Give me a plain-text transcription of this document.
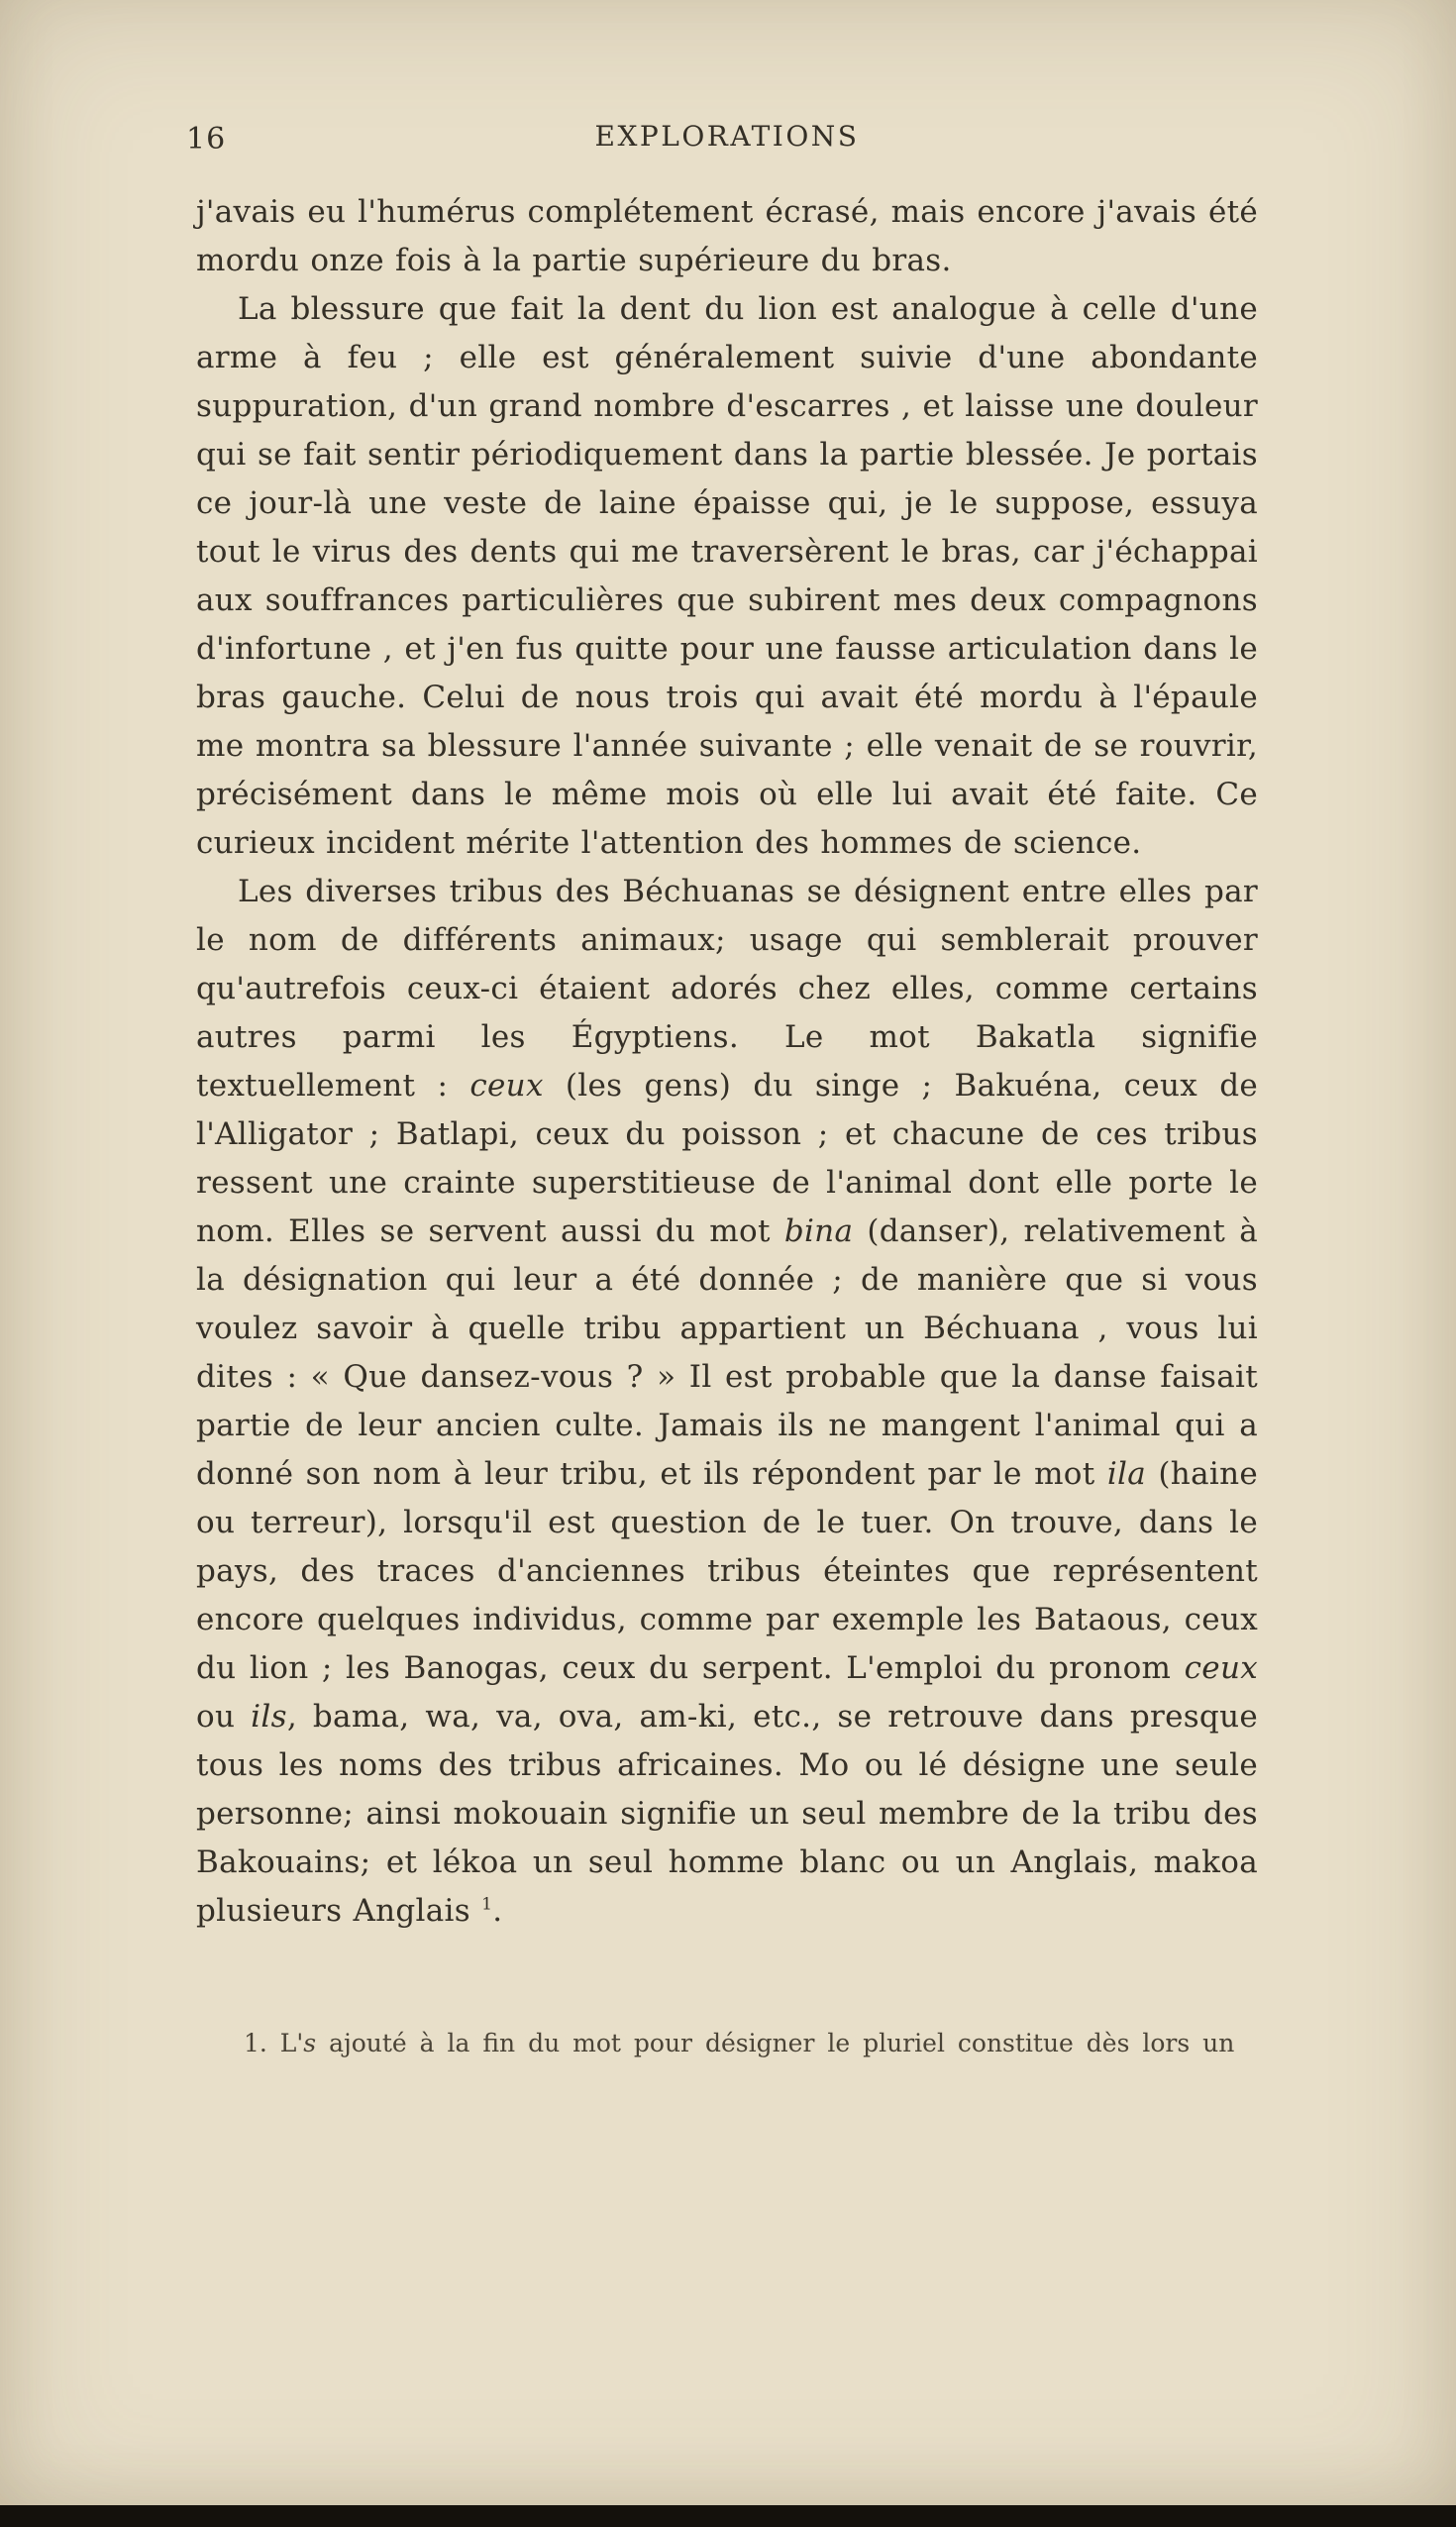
16	EXPLORATIONS

j'avais eu l'humérus complétement écrasé, mais encore j'avais été mordu onze fois à la partie supérieure du bras.

La blessure que fait la dent du lion est analogue à celle d'une arme à feu ; elle est généralement suivie d'une abondante suppuration, d'un grand nombre d'escarres , et laisse une douleur qui se fait sentir périodiquement dans la partie blessée. Je portais ce jour-là une veste de laine épaisse qui, je le suppose, essuya tout le virus des dents qui me traversèrent le bras, car j'échappai aux souffrances particulières que subirent mes deux compagnons d'infortune , et j'en fus quitte pour une fausse articulation dans le bras gauche. Celui de nous trois qui avait été mordu à l'épaule me montra sa blessure l'année suivante ; elle venait de se rouvrir, précisément dans le même mois où elle lui avait été faite. Ce curieux incident mérite l'attention des hommes de science.

Les diverses tribus des Béchuanas se désignent entre elles par le nom de différents animaux; usage qui semblerait prouver qu'autrefois ceux-ci étaient adorés chez elles, comme certains autres parmi les Égyptiens. Le mot Bakatla signifie textuellement : ceux (les gens) du singe ; Bakuéna, ceux de l'Alligator ; Batlapi, ceux du poisson ; et chacune de ces tribus ressent une crainte superstitieuse de l'animal dont elle porte le nom. Elles se servent aussi du mot bina (danser), relativement à la désignation qui leur a été donnée ; de manière que si vous voulez savoir à quelle tribu appartient un Béchuana , vous lui dites : « Que dansez-vous ? » Il est probable que la danse faisait partie de leur ancien culte. Jamais ils ne mangent l'animal qui a donné son nom à leur tribu, et ils répondent par le mot ila (haine ou terreur), lorsqu'il est question de le tuer. On trouve, dans le pays, des traces d'anciennes tribus éteintes que représentent encore quelques individus, comme par exemple les Bataous, ceux du lion ; les Banogas, ceux du serpent. L'emploi du pronom ceux ou ils, bama, wa, va, ova, am-ki, etc., se retrouve dans presque tous les noms des tribus africaines. Mo ou lé désigne une seule personne; ainsi mokouain signifie un seul membre de la tribu des Bakouains; et lékoa un seul homme blanc ou un Anglais, makoa plusieurs Anglais $^1$.

1. L's ajouté à la fin du mot pour désigner le pluriel constitue dès lors un
